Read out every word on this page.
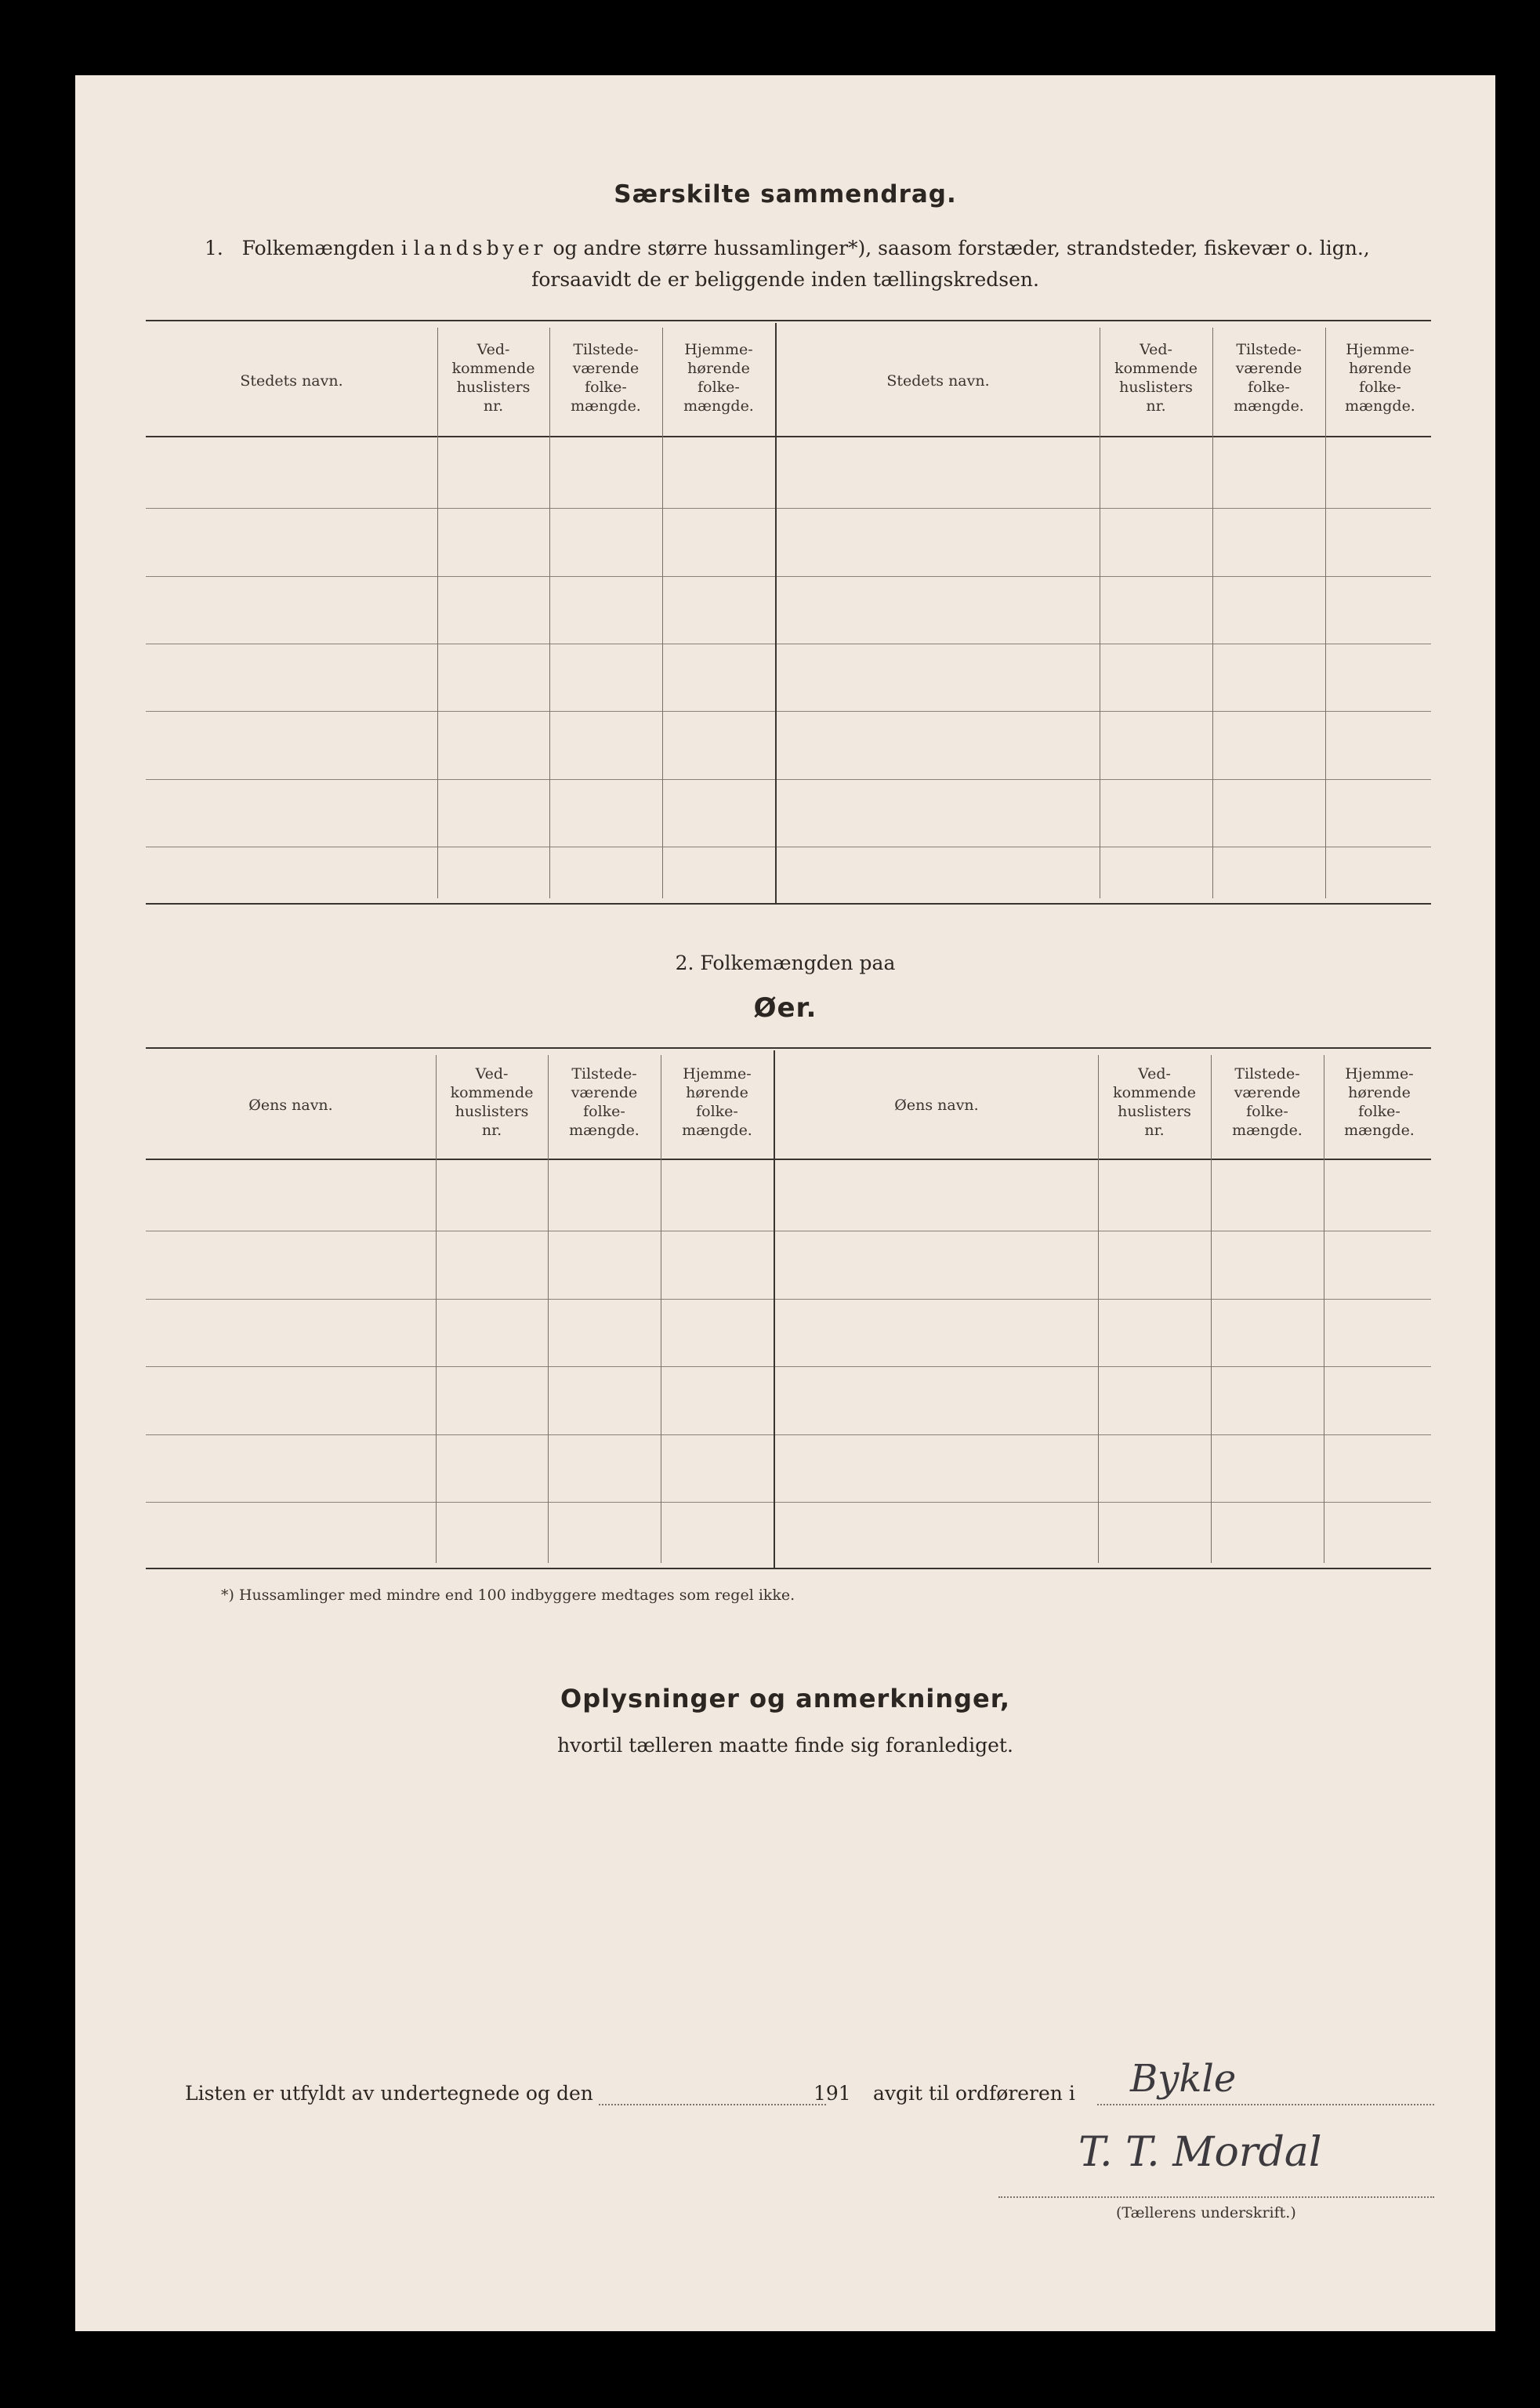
Særskilte sammendrag.
1. Folkemængden i landsbyer og andre større hussamlinger*), saasom forstæder, strandsteder, fiskevær o. lign.,
forsaavidt de er beliggende inden tællingskredsen.
Stedets navn.
Ved-
kommende
huslisters
nr.
Tilstede-
værende
folke-
mængde.
Hjemme-
hørende
folke-
mængde.
Stedets navn.
Ved-
kommende
huslisters
nr.
Tilstede-
værende
folke-
mængde.
Hjemme-
hørende
folke-
mængde.
2. Folkemængden paa
Øer.
Øens navn.
Ved-
kommende
huslisters
nr.
Tilstede-
værende
folke-
mængde.
Hjemme-
hørende
folke-
mængde.
Øens navn.
Ved-
kommende
huslisters
nr.
Tilstede-
værende
folke-
mængde.
Hjemme-
hørende
folke-
mængde.
*) Hussamlinger med mindre end 100 indbyggere medtages som regel ikke.
Oplysninger og anmerkninger,
hvortil tælleren maatte finde sig foranlediget.
Listen er utfyldt av undertegnede og den	191 avgit til ordføreren i Bykle
T. T. Mordal
(Tællerens underskrift.)
